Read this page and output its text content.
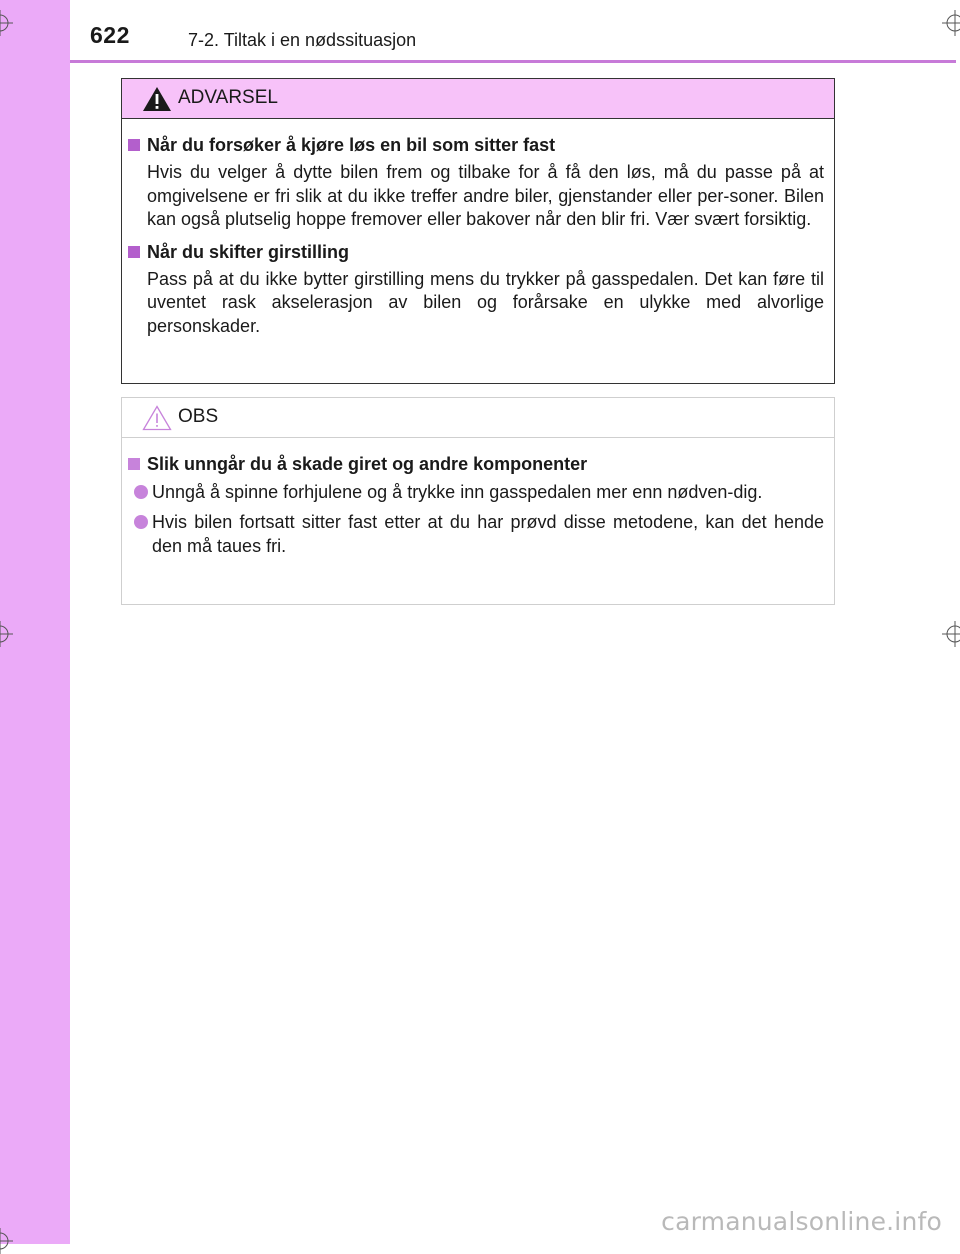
622	7-2. Tiltak i en nødssituasjon
ADVARSEL
Når du forsøker å kjøre løs en bil som sitter fast
Hvis du velger å dytte bilen frem og tilbake for å få den løs, må du passe på at omgivelsene er fri slik at du ikke treffer andre biler, gjenstander eller per-soner. Bilen kan også plutselig hoppe fremover eller bakover når den blir fri. Vær svært forsiktig.
Når du skifter girstilling
Pass på at du ikke bytter girstilling mens du trykker på gasspedalen. Det kan føre til uventet rask akselerasjon av bilen og forårsake en ulykke med alvorlige personskader.
OBS
Slik unngår du å skade giret og andre komponenter
Unngå å spinne forhjulene og å trykke inn gasspedalen mer enn nødven-dig.
Hvis bilen fortsatt sitter fast etter at du har prøvd disse metodene, kan det hende den må taues fri.
carmanualsonline.info
